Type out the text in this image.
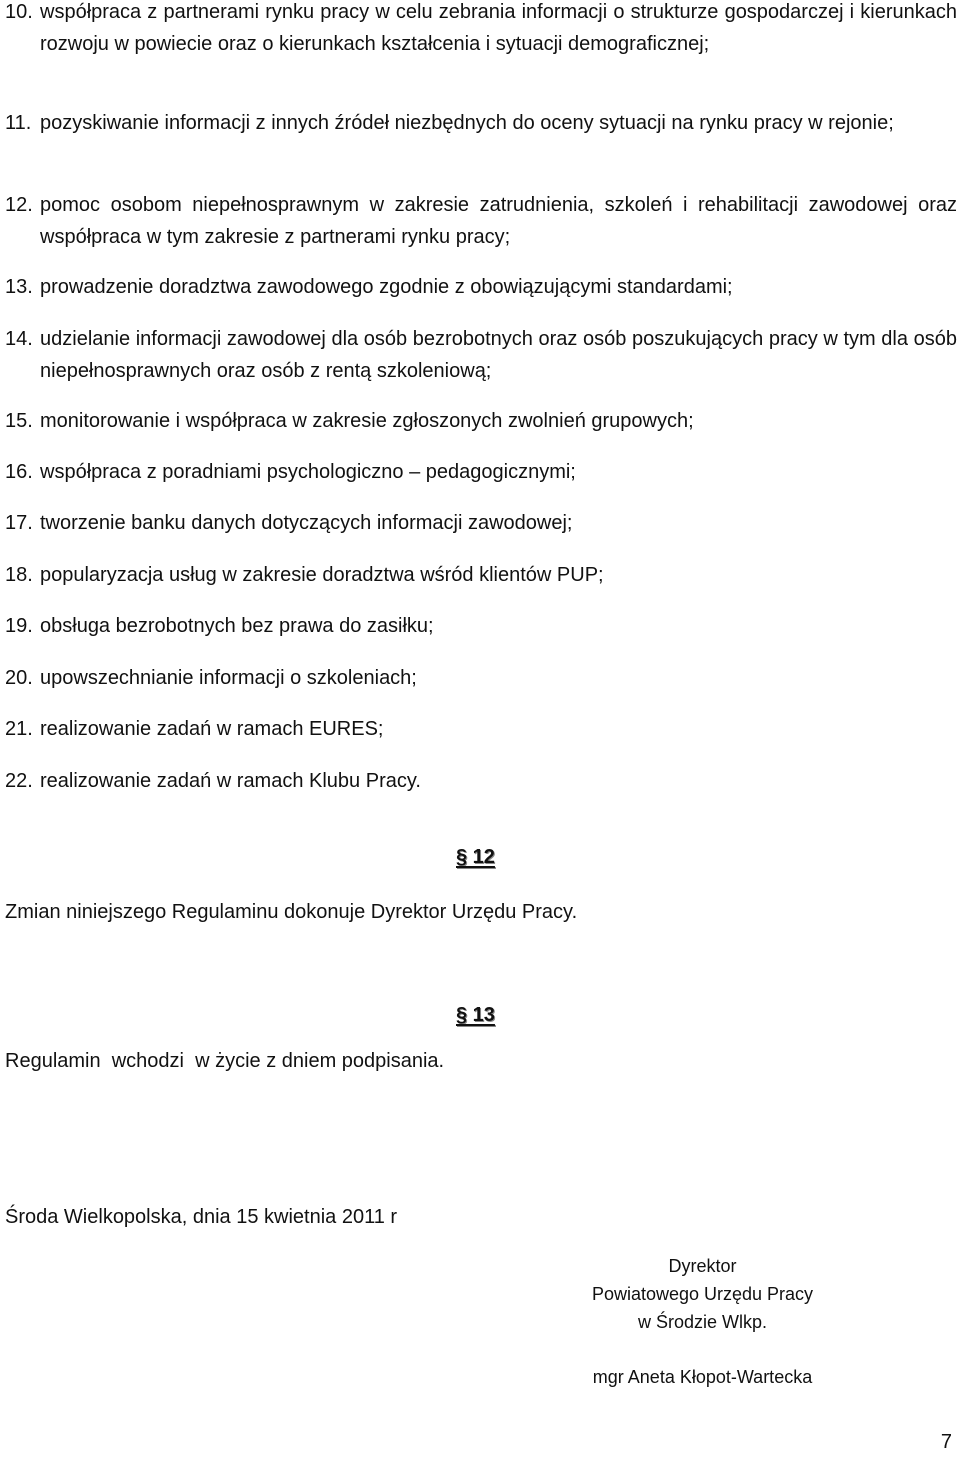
10. współpraca z partnerami rynku pracy w celu zebrania informacji o strukturze gospodarczej i kierunkach rozwoju w powiecie oraz o kierunkach kształcenia i sytuacji demograficznej;
11. pozyskiwanie informacji z innych źródeł niezbędnych do oceny sytuacji na rynku pracy w rejonie;
12. pomoc osobom niepełnosprawnym w zakresie zatrudnienia, szkoleń i rehabilitacji zawodowej oraz współpraca w tym zakresie z partnerami rynku pracy;
13. prowadzenie doradztwa zawodowego zgodnie z obowiązującymi standardami;
14. udzielanie informacji zawodowej dla osób bezrobotnych oraz osób poszukujących pracy w tym dla osób niepełnosprawnych oraz osób z rentą szkoleniową;
15. monitorowanie i współpraca w zakresie zgłoszonych zwolnień grupowych;
16. współpraca z poradniami psychologiczno – pedagogicznymi;
17. tworzenie banku danych dotyczących informacji zawodowej;
18. popularyzacja usług w zakresie doradztwa wśród klientów PUP;
19. obsługa bezrobotnych bez prawa do zasiłku;
20. upowszechnianie informacji o szkoleniach;
21. realizowanie zadań w ramach EURES;
22. realizowanie zadań w ramach Klubu Pracy.
§ 12
Zmian niniejszego Regulaminu dokonuje Dyrektor Urzędu Pracy.
§ 13
Regulamin  wchodzi  w życie z dniem podpisania.
Środa Wielkopolska, dnia 15 kwietnia 2011 r
Dyrektor
Powiatowego Urzędu Pracy
w Środzie Wlkp.
mgr Aneta Kłopot-Wartecka
7
